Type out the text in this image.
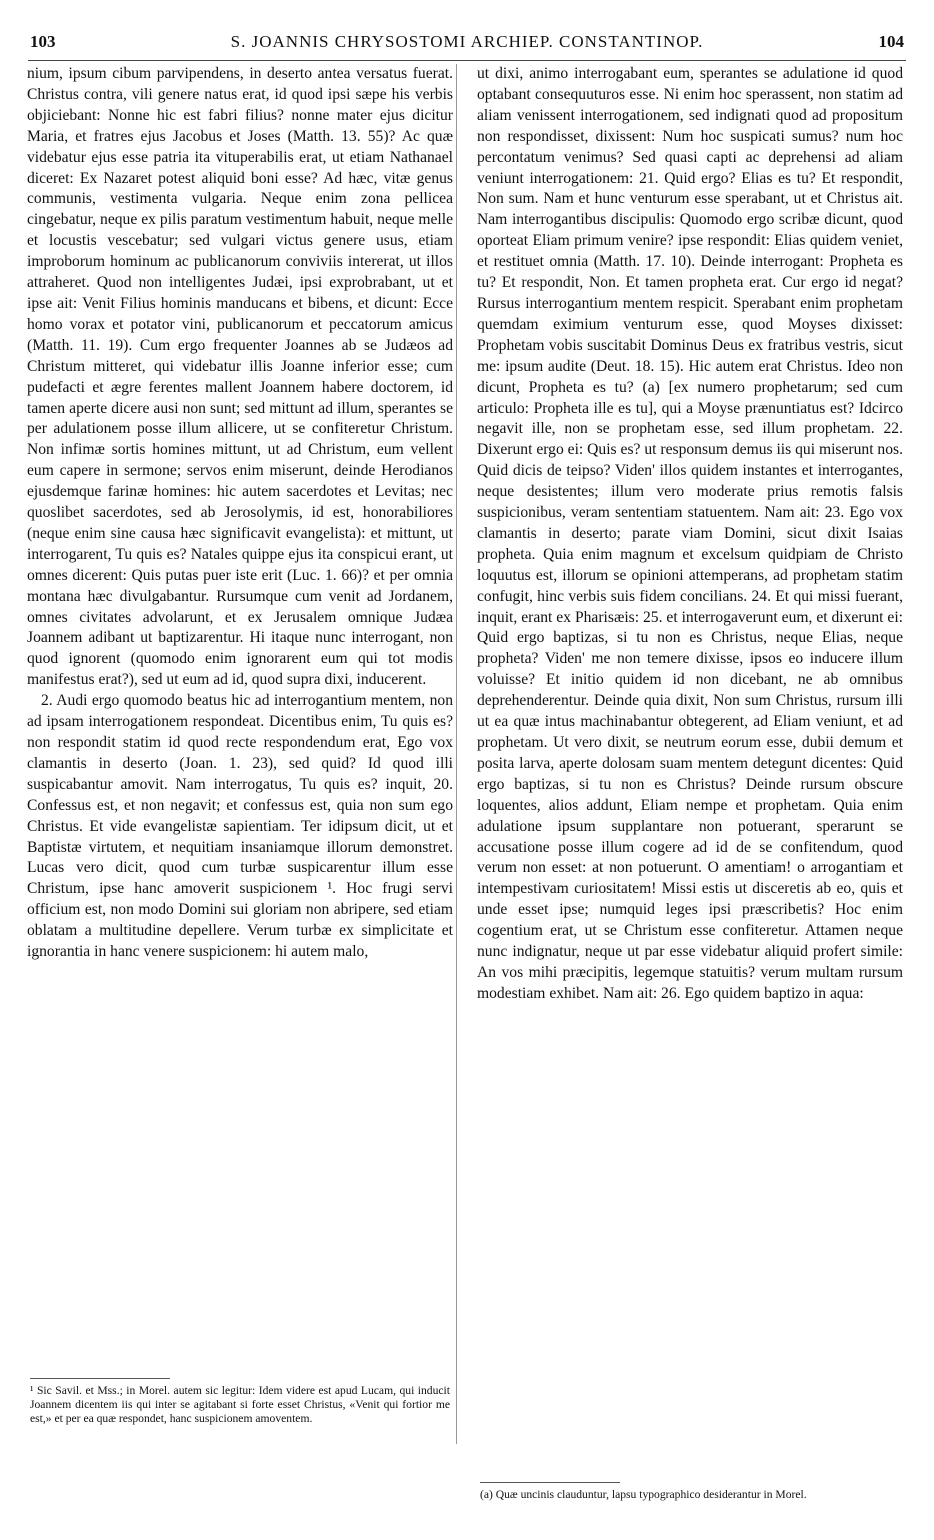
103	S. JOANNIS CHRYSOSTOMI ARCHIEP. CONSTANTINOP.	104

nium, ipsum cibum parvipendens, in deserto antea versatus fuerat. Christus contra, vili genere natus erat, id quod ipsi sæpe his verbis objiciebant: Nonne hic est fabri filius? nonne mater ejus dicitur Maria, et fratres ejus Jacobus et Joses (Matth. 13. 55)? Ac quæ videbatur ejus esse patria ita vituperabilis erat, ut etiam Nathanael diceret: Ex Nazaret potest aliquid boni esse? Ad hæc, vitæ genus communis, vestimenta vulgaria. Neque enim zona pellicea cingebatur, neque ex pilis paratum vestimentum habuit, neque melle et locustis vescebatur; sed vulgari victus genere usus, etiam improborum hominum ac publicanorum conviviis intererat, ut illos attraheret. Quod non intelligentes Judæi, ipsi exprobrabant, ut et ipse ait: Venit Filius hominis manducans et bibens, et dicunt: Ecce homo vorax et potator vini, publicanorum et peccatorum amicus (Matth. 11. 19). Cum ergo frequenter Joannes ab se Judæos ad Christum mitteret, qui videbatur illis Joanne inferior esse; cum pudefacti et ægre ferentes mallent Joannem habere doctorem, id tamen aperte dicere ausi non sunt; sed mittunt ad illum, sperantes se per adulationem posse illum allicere, ut se confiteretur Christum. Non infimæ sortis homines mittunt, ut ad Christum, eum vellent eum capere in sermone; servos enim miserunt, deinde Herodianos ejusdemque farinæ homines: hic autem sacerdotes et Levitas; nec quoslibet sacerdotes, sed ab Jerosolymis, id est, honorabiliores (neque enim sine causa hæc significavit evangelista): et mittunt, ut interrogarent, Tu quis es? Natales quippe ejus ita conspicui erant, ut omnes dicerent: Quis putas puer iste erit (Luc. 1. 66)? et per omnia montana hæc divulgabantur. Rursumque cum venit ad Jordanem, omnes civitates advolarunt, et ex Jerusalem omnique Judæa Joannem adibant ut baptizarentur. Hi itaque nunc interrogant, non quod ignorent (quomodo enim ignorarent eum qui tot modis manifestus erat?), sed ut eum ad id, quod supra dixi, inducerent.

2. Audi ergo quomodo beatus hic ad interrogantium mentem, non ad ipsam interrogationem respondeat. Dicentibus enim, Tu quis es? non respondit statim id quod recte respondendum erat, Ego vox clamantis in deserto (Joan. 1. 23), sed quid? Id quod illi suspicabantur amovit. Nam interrogatus, Tu quis es? inquit, 20. Confessus est, et non negavit; et confessus est, quia non sum ego Christus. Et vide evangelistæ sapientiam. Ter idipsum dicit, ut et Baptistæ virtutem, et nequitiam insaniamque illorum demonstret. Lucas vero dicit, quod cum turbæ suspicarentur illum esse Christum, ipse hanc amoverit suspicionem ¹. Hoc frugi servi officium est, non modo Domini sui gloriam non abripere, sed etiam oblatam a multitudine depellere. Verum turbæ ex simplicitate et ignorantia in hanc venere suspicionem: hi autem malo,

ut dixi, animo interrogabant eum, sperantes se adulatione id quod optabant consequuturos esse. Ni enim hoc sperassent, non statim ad aliam venissent interrogationem, sed indignati quod ad propositum non respondisset, dixissent: Num hoc suspicati sumus? num hoc percontatum venimus? Sed quasi capti ac deprehensi ad aliam veniunt interrogationem: 21. Quid ergo? Elias es tu? Et respondit, Non sum. Nam et hunc venturum esse sperabant, ut et Christus ait. Nam interrogantibus discipulis: Quomodo ergo scribæ dicunt, quod oporteat Eliam primum venire? ipse respondit: Elias quidem veniet, et restituet omnia (Matth. 17. 10). Deinde interrogant: Propheta es tu? Et respondit, Non. Et tamen propheta erat. Cur ergo id negat? Rursus interrogantium mentem respicit. Sperabant enim prophetam quemdam eximium venturum esse, quod Moyses dixisset: Prophetam vobis suscitabit Dominus Deus ex fratribus vestris, sicut me: ipsum audite (Deut. 18. 15). Hic autem erat Christus. Ideo non dicunt, Propheta es tu? (a) [ex numero prophetarum; sed cum articulo: Propheta ille es tu], qui a Moyse prænuntiatus est? Idcirco negavit ille, non se prophetam esse, sed illum prophetam. 22. Dixerunt ergo ei: Quis es? ut responsum demus iis qui miserunt nos. Quid dicis de teipso? Viden' illos quidem instantes et interrogantes, neque desistentes; illum vero moderate prius remotis falsis suspicionibus, veram sententiam statuentem. Nam ait: 23. Ego vox clamantis in deserto; parate viam Domini, sicut dixit Isaias propheta. Quia enim magnum et excelsum quidpiam de Christo loquutus est, illorum se opinioni attemperans, ad prophetam statim confugit, hinc verbis suis fidem concilians. 24. Et qui missi fuerant, inquit, erant ex Pharisæis: 25. et interrogaverunt eum, et dixerunt ei: Quid ergo baptizas, si tu non es Christus, neque Elias, neque propheta? Viden' me non temere dixisse, ipsos eo inducere illum voluisse? Et initio quidem id non dicebant, ne ab omnibus deprehenderentur. Deinde quia dixit, Non sum Christus, rursum illi ut ea quæ intus machinabantur obtegerent, ad Eliam veniunt, et ad prophetam. Ut vero dixit, se neutrum eorum esse, dubii demum et posita larva, aperte dolosam suam mentem detegunt dicentes: Quid ergo baptizas, si tu non es Christus? Deinde rursum obscure loquentes, alios addunt, Eliam nempe et prophetam. Quia enim adulatione ipsum supplantare non potuerant, sperarunt se accusatione posse illum cogere ad id de se confitendum, quod verum non esset: at non potuerunt. O amentiam! o arrogantiam et intempestivam curiositatem! Missi estis ut disceretis ab eo, quis et unde esset ipse; numquid leges ipsi præscribetis? Hoc enim cogentium erat, ut se Christum esse confiteretur. Attamen neque nunc indignatur, neque ut par esse videbatur aliquid profert simile: An vos mihi præcipitis, legemque statuitis? verum multam rursum modestiam exhibet. Nam ait: 26. Ego quidem baptizo in aqua:

¹ Sic Savil. et Mss.; in Morel. autem sic legitur: Idem videre est apud Lucam, qui inducit Joannem dicentem iis qui inter se agitabant si forte esset Christus, «Venit qui fortior me est,» et per ea quæ respondet, hanc suspicionem amoventem.

(a) Quæ uncinis clauduntur, lapsu typographico desiderantur in Morel.
